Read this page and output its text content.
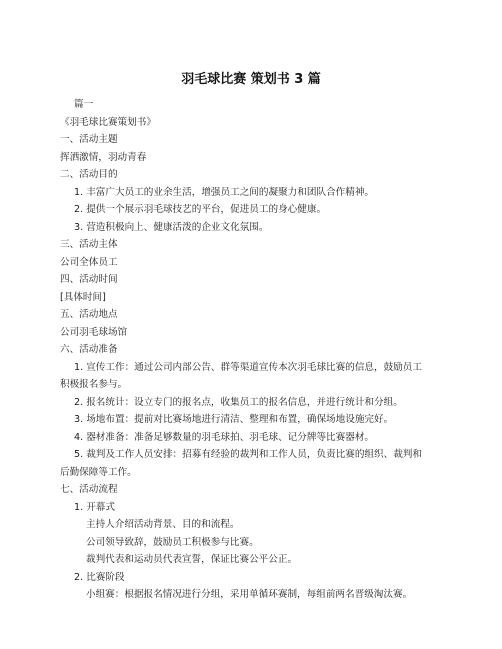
羽毛球比赛 策划书 3 篇
篇一
《羽毛球比赛策划书》
一、活动主题
挥洒激情，羽动青春
二、活动目的
1. 丰富广大员工的业余生活，增强员工之间的凝聚力和团队合作精神。
2. 提供一个展示羽毛球技艺的平台，促进员工的身心健康。
3. 营造积极向上、健康活泼的企业文化氛围。
三、活动主体
公司全体员工
四、活动时间
[具体时间]
五、活动地点
公司羽毛球场馆
六、活动准备
1. 宣传工作：通过公司内部公告、群等渠道宣传本次羽毛球比赛的信息，鼓励员工
积极报名参与。
2. 报名统计：设立专门的报名点，收集员工的报名信息，并进行统计和分组。
3. 场地布置：提前对比赛场地进行清洁、整理和布置，确保场地设施完好。
4. 器材准备：准备足够数量的羽毛球拍、羽毛球、记分牌等比赛器材。
5. 裁判及工作人员安排：招募有经验的裁判和工作人员，负责比赛的组织、裁判和
后勤保障等工作。
七、活动流程
1. 开幕式
主持人介绍活动背景、目的和流程。
公司领导致辞，鼓励员工积极参与比赛。
裁判代表和运动员代表宣誓，保证比赛公平公正。
2. 比赛阶段
小组赛：根据报名情况进行分组，采用单循环赛制，每组前两名晋级淘汰赛。
